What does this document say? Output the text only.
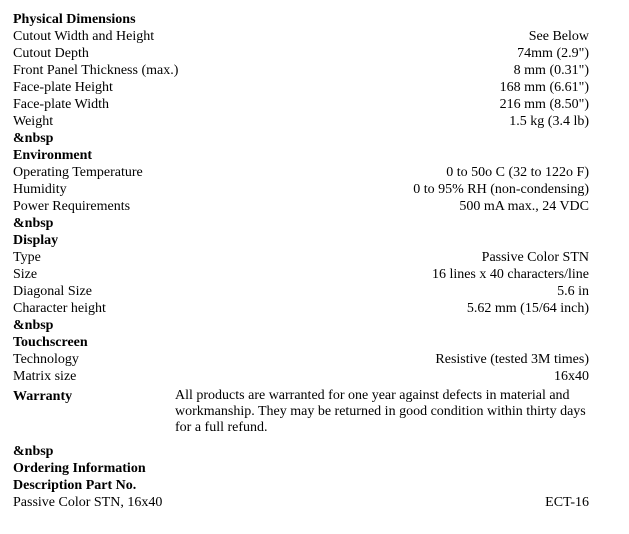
Physical Dimensions
Cutout Width and Height	See Below
Cutout Depth	74mm (2.9")
Front Panel Thickness (max.)	8 mm (0.31")
Face-plate Height	168 mm (6.61")
Face-plate Width	216 mm (8.50")
Weight	1.5 kg (3.4 lb)
&nbsp
Environment
Operating Temperature	0 to 50o C (32 to 122o F)
Humidity	0 to 95% RH (non-condensing)
Power Requirements	500 mA max., 24 VDC
&nbsp
Display
Type	Passive Color STN
Size	16 lines x 40 characters/line
Diagonal Size	5.6 in
Character height	5.62 mm (15/64 inch)
&nbsp
Touchscreen
Technology	Resistive (tested 3M times)
Matrix size	16x40
Warranty	All products are warranted for one year against defects in material and workmanship. They may be returned in good condition within thirty days for a full refund.
&nbsp
Ordering Information
Description Part No.
Passive Color STN, 16x40	ECT-16
